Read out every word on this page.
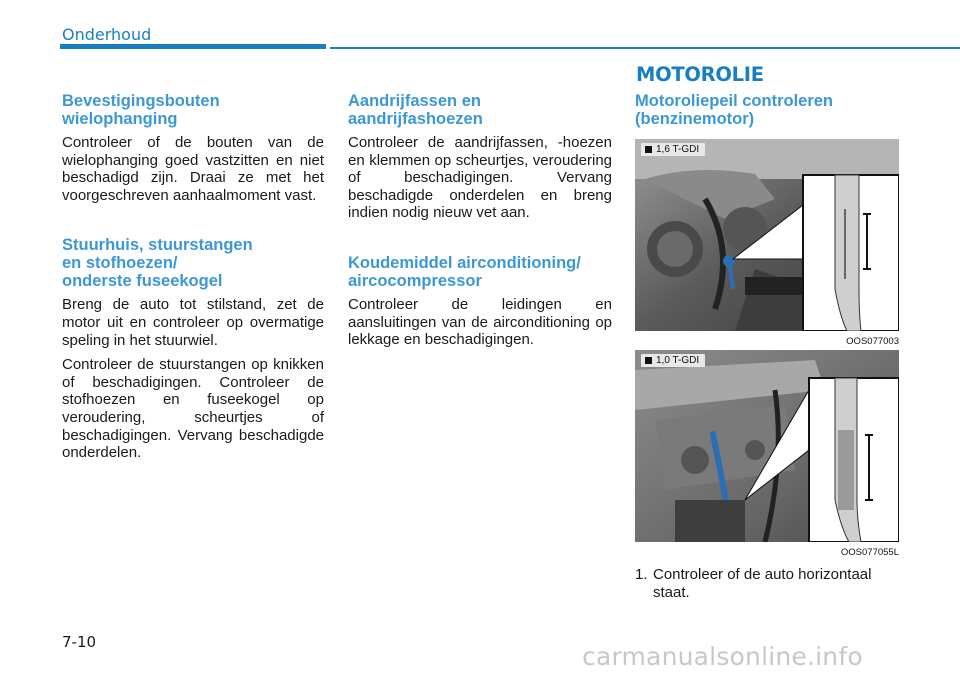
Onderhoud
Bevestigingsbouten
wielophanging

Controleer of de bouten van de wielophanging goed vastzitten en niet beschadigd zijn. Draai ze met het voorgeschreven aanhaalmoment vast.

Stuurhuis, stuurstangen
en stofhoezen/
onderste fuseekogel

Breng de auto tot stilstand, zet de motor uit en controleer op overmatige speling in het stuurwiel.

Controleer de stuurstangen op knikken of beschadigingen. Controleer de stofhoezen en fuseekogel op veroudering, scheurtjes of beschadigingen. Vervang beschadigde onderdelen.

Aandrijfassen en
aandrijfashoezen

Controleer de aandrijfassen, -hoezen en klemmen op scheurtjes, veroudering of beschadigingen. Vervang beschadigde onderdelen en breng indien nodig nieuw vet aan.

Koudemiddel airconditioning/
aircocompressor

Controleer de leidingen en aansluitingen van de airconditioning op lekkage en beschadigingen.

MOTOROLIE
Motoroliepeil controleren
(benzinemotor)
1,6 T-GDI
OOS077003
1,0 T-GDI
OOS077055L
1. Controleer of de auto horizontaal
staat.
7-10	carmanualsonline.info
